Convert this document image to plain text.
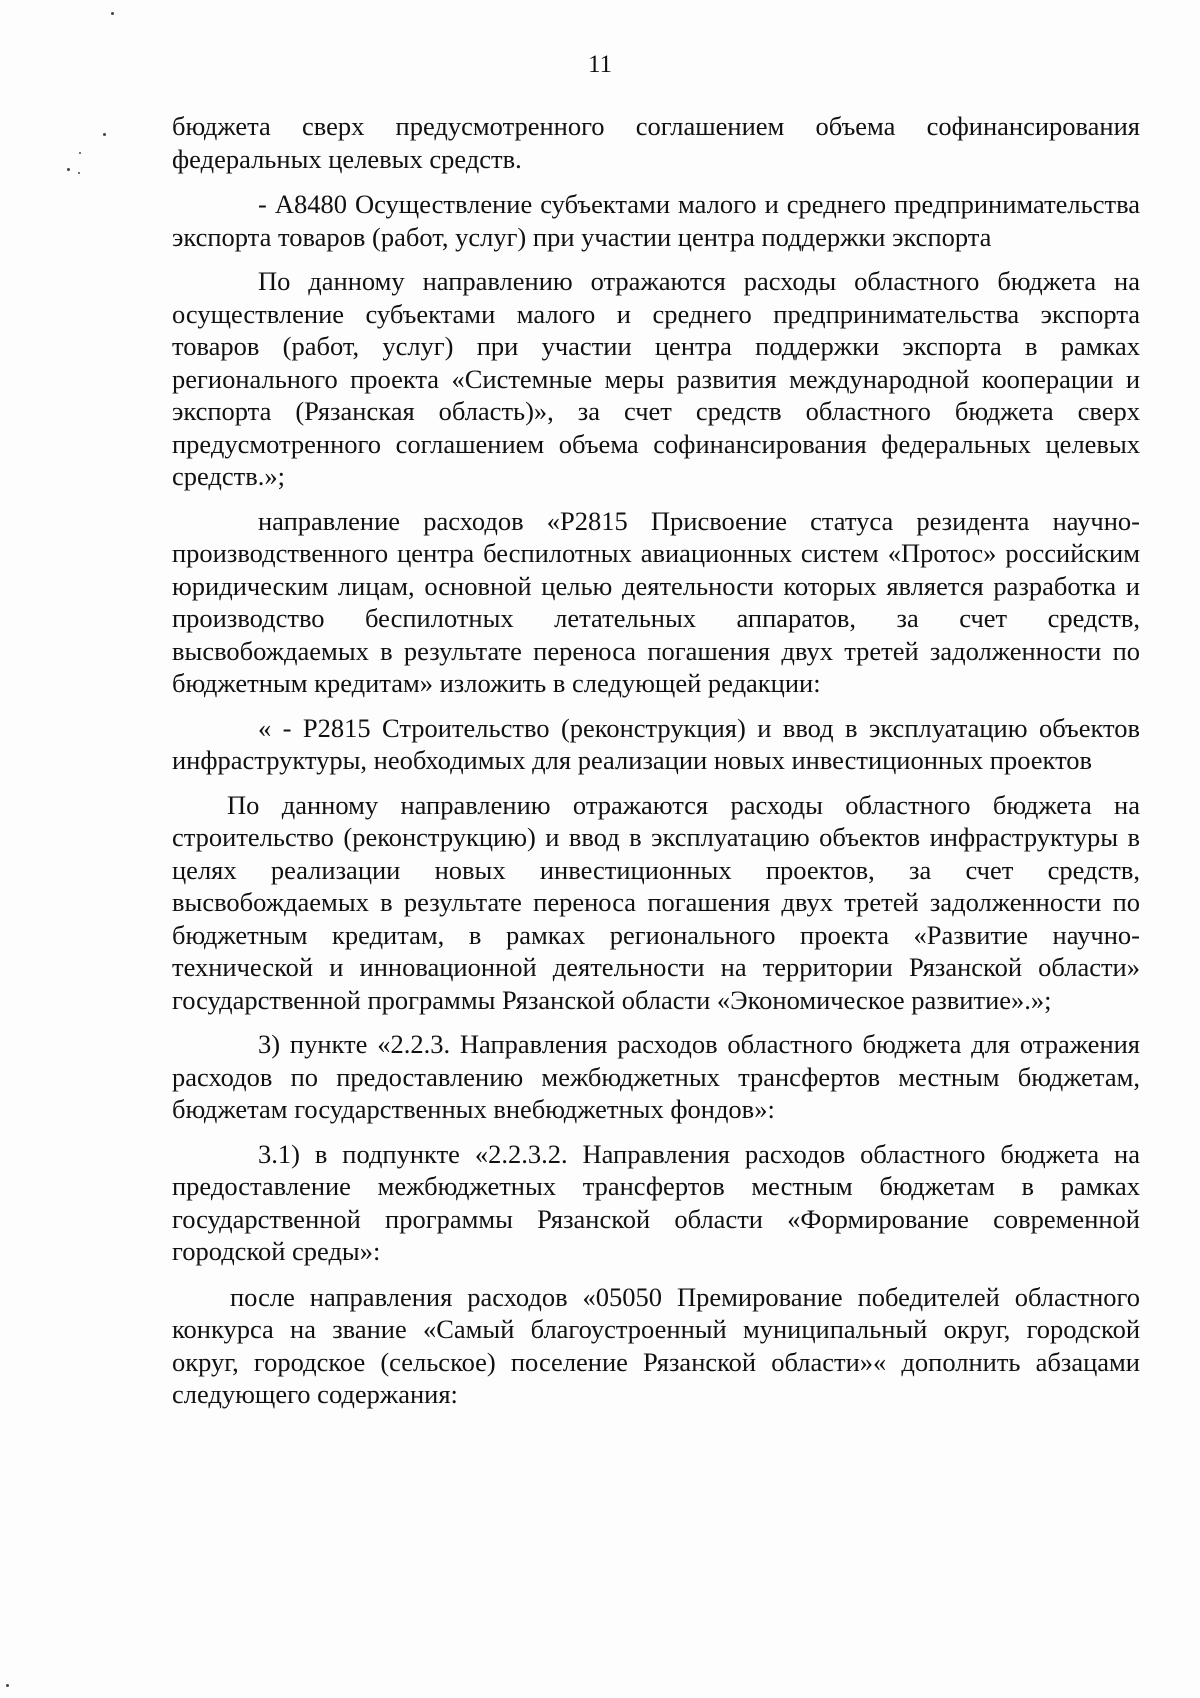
11

бюджета сверх предусмотренного соглашением объема софинансирования федеральных целевых средств.

- А8480 Осуществление субъектами малого и среднего предпринимательства экспорта товаров (работ, услуг) при участии центра поддержки экспорта

По данному направлению отражаются расходы областного бюджета на осуществление субъектами малого и среднего предпринимательства экспорта товаров (работ, услуг) при участии центра поддержки экспорта в рамках регионального проекта «Системные меры развития международной кооперации и экспорта (Рязанская область)», за счет средств областного бюджета сверх предусмотренного соглашением объема софинансирования федеральных целевых средств.»;

направление расходов «Р2815 Присвоение статуса резидента научно-производственного центра беспилотных авиационных систем «Протос» российским юридическим лицам, основной целью деятельности которых является разработка и производство беспилотных летательных аппаратов, за счет средств, высвобождаемых в результате переноса погашения двух третей задолженности по бюджетным кредитам» изложить в следующей редакции:

« - Р2815 Строительство (реконструкция) и ввод в эксплуатацию объектов инфраструктуры, необходимых для реализации новых инвестиционных проектов

По данному направлению отражаются расходы областного бюджета на строительство (реконструкцию) и ввод в эксплуатацию объектов инфраструктуры в целях реализации новых инвестиционных проектов, за счет средств, высвобождаемых в результате переноса погашения двух третей задолженности по бюджетным кредитам, в рамках регионального проекта «Развитие научно-технической и инновационной деятельности на территории Рязанской области» государственной программы Рязанской области «Экономическое развитие».»;

3) пункте «2.2.3. Направления расходов областного бюджета для отражения расходов по предоставлению межбюджетных трансфертов местным бюджетам, бюджетам государственных внебюджетных фондов»:

3.1) в подпункте «2.2.3.2. Направления расходов областного бюджета на предоставление межбюджетных трансфертов местным бюджетам в рамках государственной программы Рязанской области «Формирование современной городской среды»:

после направления расходов «05050 Премирование победителей областного конкурса на звание «Самый благоустроенный муниципальный округ, городской округ, городское (сельское) поселение Рязанской области»« дополнить абзацами следующего содержания:
